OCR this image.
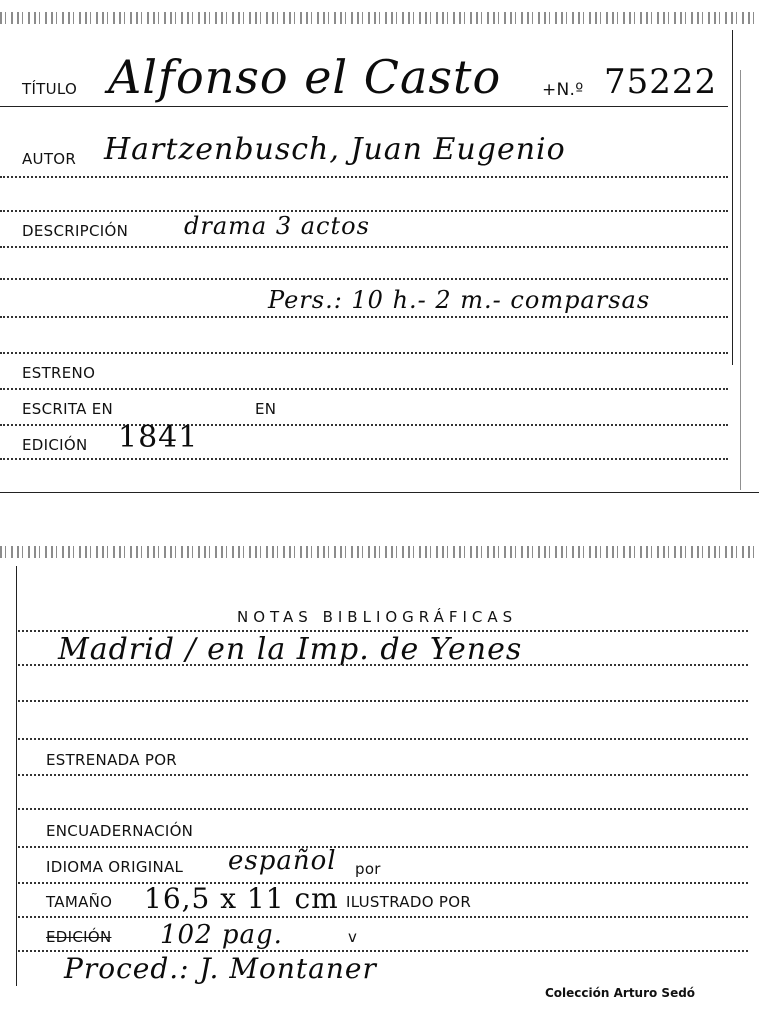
TÍTULO Alfonso el Casto +N.º 75222
AUTOR Hartzenbusch, Juan Eugenio
DESCRIPCIÓN drama 3 actos
Pers.: 10 h.- 2 m.- comparsas
ESTRENO
ESCRITA EN	EN
EDICIÓN 1841
NOTAS BIBLIOGRÁFICAS
Madrid / en la Imp. de Yenes
ESTRENADA POR
ENCUADERNACIÓN
IDIOMA ORIGINAL español por
TAMAÑO 16,5 x 11 cm ILUSTRADO POR
EDICIÓN 102 pag.	v
Proced.: J. Montaner
Colección Arturo Sedó
